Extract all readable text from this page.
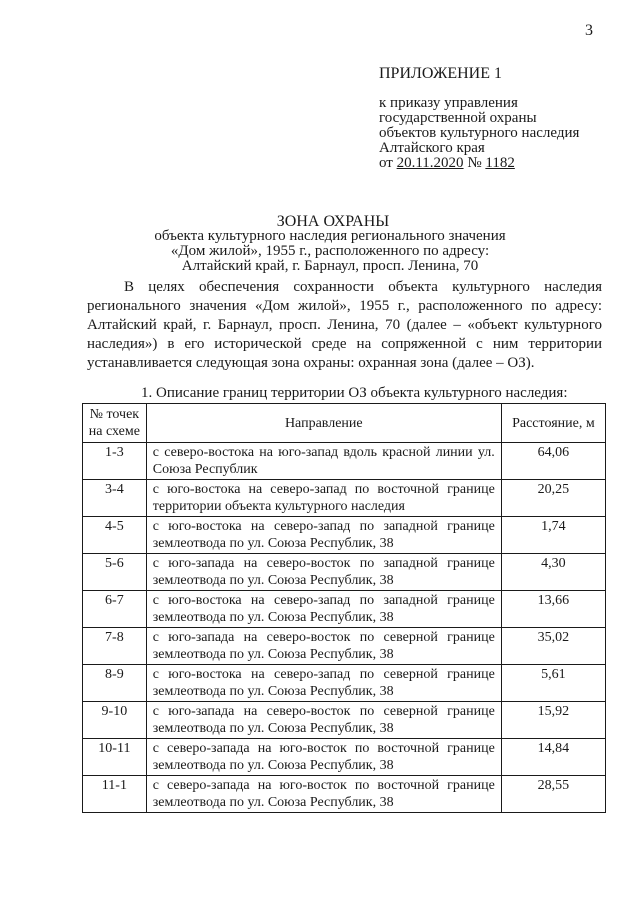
3
ПРИЛОЖЕНИЕ 1
к приказу управления
государственной охраны
объектов культурного наследия
Алтайского края
от 20.11.2020 № 1182
ЗОНА ОХРАНЫ
объекта культурного наследия регионального значения
«Дом жилой», 1955 г., расположенного по адресу:
Алтайский край, г. Барнаул, просп. Ленина, 70

В целях обеспечения сохранности объекта культурного наследия регионального значения «Дом жилой», 1955 г., расположенного по адресу: Алтайский край, г. Барнаул, просп. Ленина, 70 (далее – «объект культурного наследия») в его исторической среде на сопряженной с ним территории устанавливается следующая зона охраны: охранная зона (далее – ОЗ).

1. Описание границ территории ОЗ объекта культурного наследия:
№ точек на схеме	Направление	Расстояние, м
1-3	с северо-востока на юго-запад вдоль красной линии ул. Союза Республик	64,06
3-4	с юго-востока на северо-запад по восточной границе территории объекта культурного наследия	20,25
4-5	с юго-востока на северо-запад по западной границе землеотвода по ул. Союза Республик, 38	1,74
5-6	с юго-запада на северо-восток по западной границе землеотвода по ул. Союза Республик, 38	4,30
6-7	с юго-востока на северо-запад по западной границе землеотвода по ул. Союза Республик, 38	13,66
7-8	с юго-запада на северо-восток по северной границе землеотвода по ул. Союза Республик, 38	35,02
8-9	с юго-востока на северо-запад по северной границе землеотвода по ул. Союза Республик, 38	5,61
9-10	с юго-запада на северо-восток по северной границе землеотвода по ул. Союза Республик, 38	15,92
10-11	с северо-запада на юго-восток по восточной границе землеотвода по ул. Союза Республик, 38	14,84
11-1	с северо-запада на юго-восток по восточной границе землеотвода по ул. Союза Республик, 38	28,55
